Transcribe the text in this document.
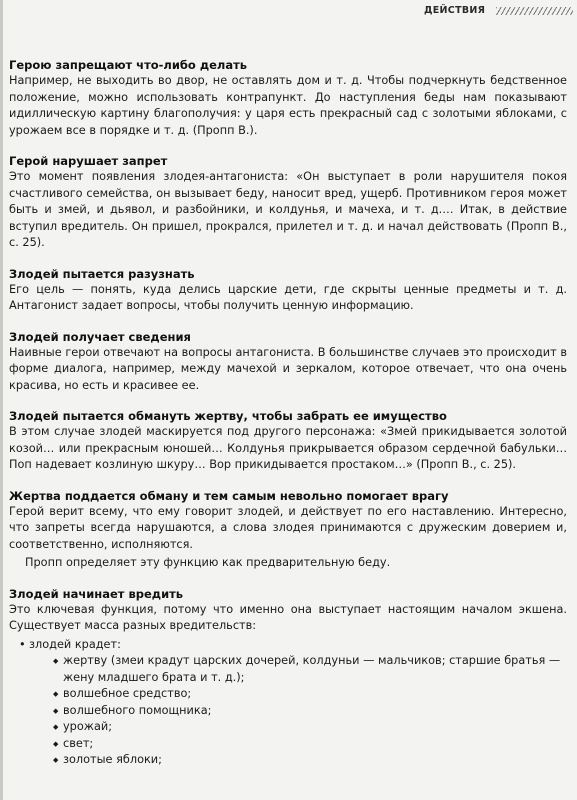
ДЕЙСТВИЯ
Герою запрещают что-либо делать

Например, не выходить во двор, не оставлять дом и т. д. Чтобы подчеркнуть бедственное положение, можно использовать контрапункт. До наступления беды нам показывают идиллическую картину благополучия: у царя есть прекрасный сад с золотыми яблоками, с урожаем все в порядке и т. д. (Пропп В.).

Герой нарушает запрет

Это момент появления злодея-антагониста: «Он выступает в роли нарушителя покоя счастливого семейства, он вызывает беду, наносит вред, ущерб. Противником героя может быть и змей, и дьявол, и разбойники, и колдунья, и мачеха, и т. д.… Итак, в действие вступил вредитель. Он пришел, прокрался, прилетел и т. д. и начал действовать (Пропп В., с. 25).

Злодей пытается разузнать

Его цель — понять, куда делись царские дети, где скрыты ценные предметы и т. д. Антагонист задает вопросы, чтобы получить ценную информацию.

Злодей получает сведения

Наивные герои отвечают на вопросы антагониста. В большинстве случаев это происходит в форме диалога, например, между мачехой и зеркалом, которое отвечает, что она очень красива, но есть и красивее ее.

Злодей пытается обмануть жертву, чтобы забрать ее имущество

В этом случае злодей маскируется под другого персонажа: «Змей прикидывается золотой козой… или прекрасным юношей… Колдунья прикрывается образом сердечной бабульки… Поп надевает козлиную шкуру… Вор прикидывается простаком…» (Пропп В., с. 25).

Жертва поддается обману и тем самым невольно помогает врагу

Герой верит всему, что ему говорит злодей, и действует по его наставлению. Интересно, что запреты всегда нарушаются, а слова злодея принимаются с дружеским доверием и, соответственно, исполняются.

Пропп определяет эту функцию как предварительную беду.

Злодей начинает вредить

Это ключевая функция, потому что именно она выступает настоящим началом экшена. Существует масса разных вредительств:

• злодей крадет:
◆ жертву (змеи крадут царских дочерей, колдуньи — мальчиков; старшие братья — жену младшего брата и т. д.);
◆ волшебное средство;
◆ волшебного помощника;
◆ урожай;
◆ свет;
◆ золотые яблоки;
